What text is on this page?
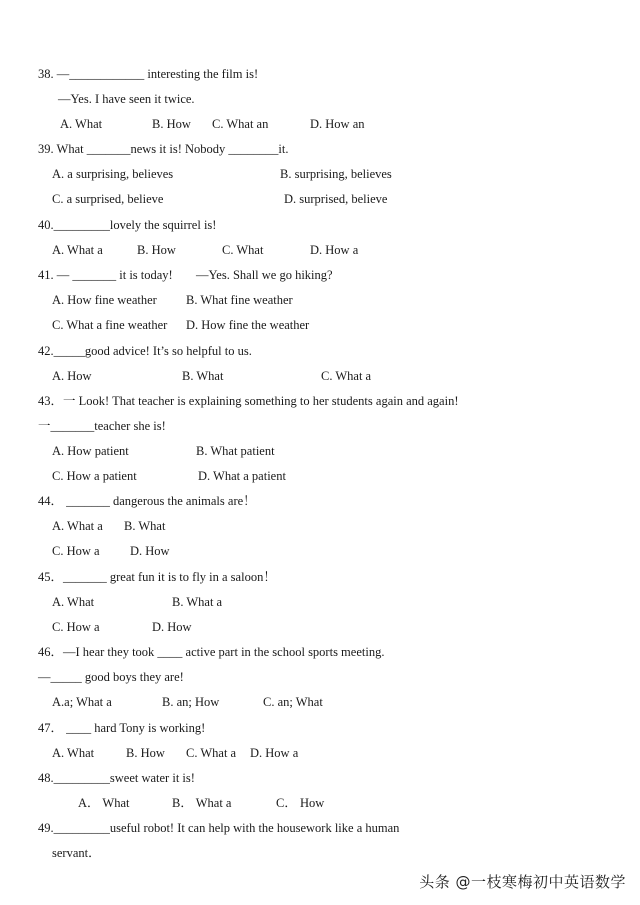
38. —____________ interesting the film is!
—Yes. I have seen it twice.
A. What	B. How C. What an	D. How an
39. What _______news it is! Nobody ________it.
A. a surprising, believes	B. surprising, believes
C. a surprised, believe	D. surprised, believe
40._________lovely the squirrel is!
A. What a	B. How	C. What	D. How a
41. — _______ it is today! —Yes. Shall we go hiking?
A. How fine weather B. What fine weather
C. What a fine weather D. How fine the weather
42._____good advice! It’s so helpful to us.
A. How	B. What	C. What a
43．一 Look! That teacher is explaining something to her students again and again!
一_______teacher she is!
A. How patient	B. What patient
C. How a patient	D. What a patient
44． _______ dangerous the animals are！
A. What a B. What
C. How a D. How
45．_______ great fun it is to fly in a saloon！
A. What	B. What a
C. How a	D. How
46．—I hear they took ____ active part in the school sports meeting.
—_____ good boys they are!
A.a; What a	B. an; How	C. an; What
47． ____ hard Tony is working!
A. What	B. How C. What a D. How a
48._________sweet water it is!
A． What	B． What a	C． How
49._________useful robot! It can help with the housework like a human
servant．
头条 @一枝寒梅初中英语数学
